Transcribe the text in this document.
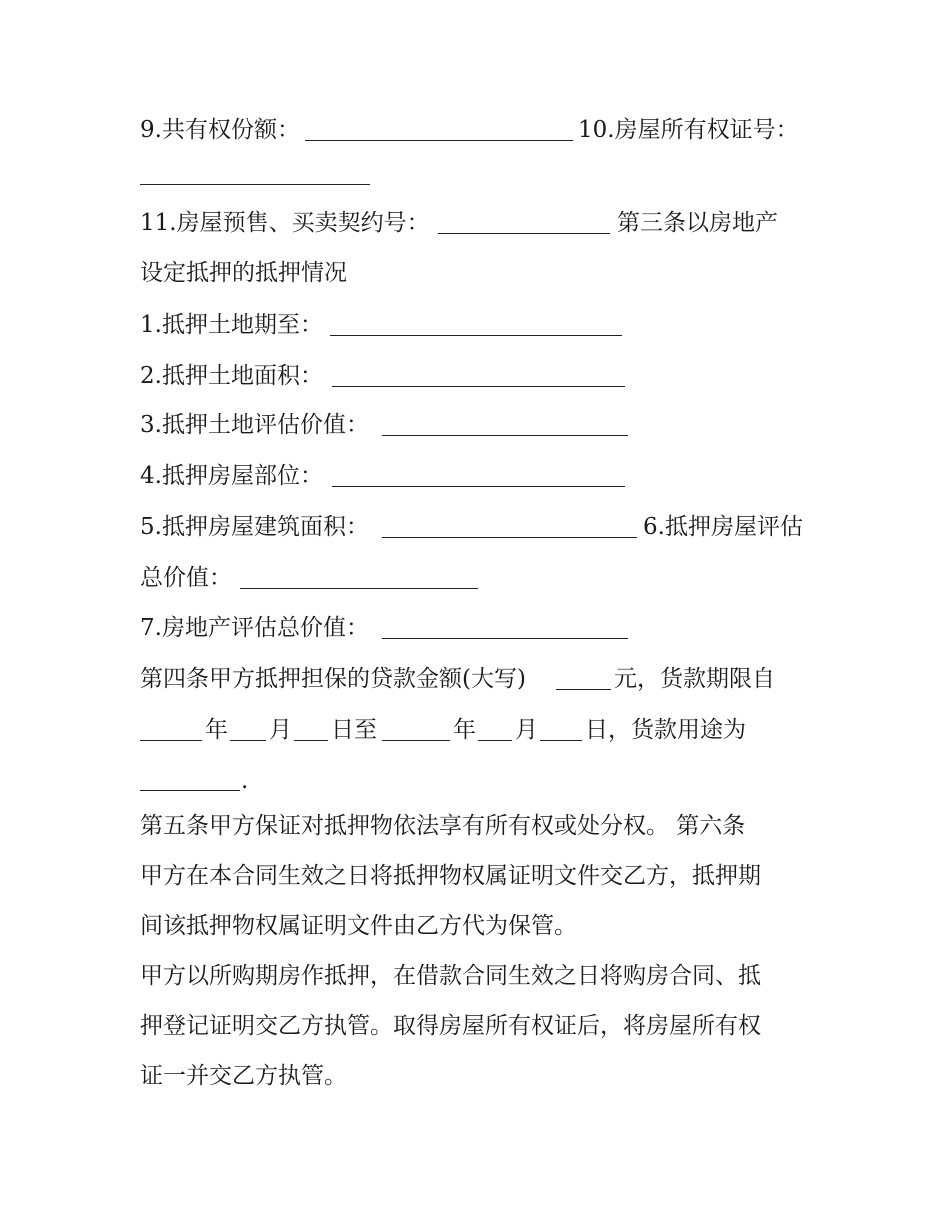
9.共有权份额：	10.房屋所有权证号：
11.房屋预售、买卖契约号：	第三条以房地产
设定抵押的抵押情况
1.抵押土地期至：
2.抵押土地面积：
3.抵押土地评估价值：
4.抵押房屋部位：
5.抵押房屋建筑面积：	6.抵押房屋评估
总价值：
7.房地产评估总价值：
第四条甲方抵押担保的贷款金额(大写)	元，货款期限自
年 月 日至	年 月 日，货款用途为
.
第五条甲方保证对抵押物依法享有所有权或处分权。 第六条
甲方在本合同生效之日将抵押物权属证明文件交乙方，抵押期
间该抵押物权属证明文件由乙方代为保管。
甲方以所购期房作抵押，在借款合同生效之日将购房合同、抵
押登记证明交乙方执管。取得房屋所有权证后，将房屋所有权
证一并交乙方执管。
